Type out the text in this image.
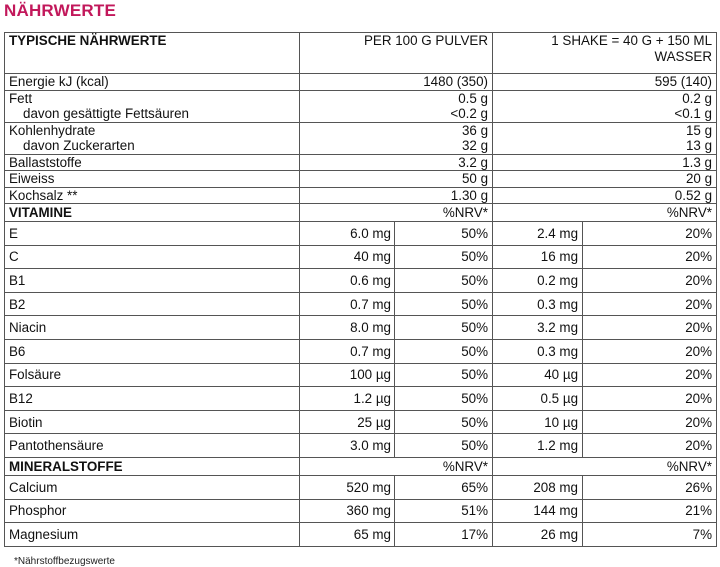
NÄHRWERTE
TYPISCHE NÄHRWERTE	PER 100 G PULVER		1 SHAKE = 40 G + 150 ML
WASSER	
Energie kJ (kcal)	1480 (350)		595 (140)	
Fett	0.5 g		0.2 g	
davon gesättigte Fettsäuren	<0.2 g		<0.1 g	
Kohlenhydrate	36 g		15 g	
davon Zuckerarten	32 g		13 g	
Ballaststoffe	3.2 g		1.3 g	
Eiweiss	50 g		20 g	
Kochsalz **	1.30 g		0.52 g	
VITAMINE	%NRV*		%NRV*	
E 6.0 mg		50%	2.4 mg	20%
C 40 mg		50%	16 mg	20%
B1 0.6 mg		50%	0.2 mg	20%
B2 0.7 mg		50%	0.3 mg	20%
Niacin 8.0 mg		50%	3.2 mg	20%
B6 0.7 mg		50%	0.3 mg	20%
Folsäure 100 µg		50%	40 µg	20%
B12 1.2 µg		50%	0.5 µg	20%
Biotin 25 µg		50%	10 µg	20%
Pantothensäure 3.0 mg		50%	1.2 mg	20%
MINERALSTOFFE	%NRV*		%NRV*	
Calcium 520 mg		65%	208 mg	26%
Phosphor 360 mg		51%	144 mg	21%
Magnesium 65 mg		17%	26 mg	7%
*Nährstoffbezugswerte
